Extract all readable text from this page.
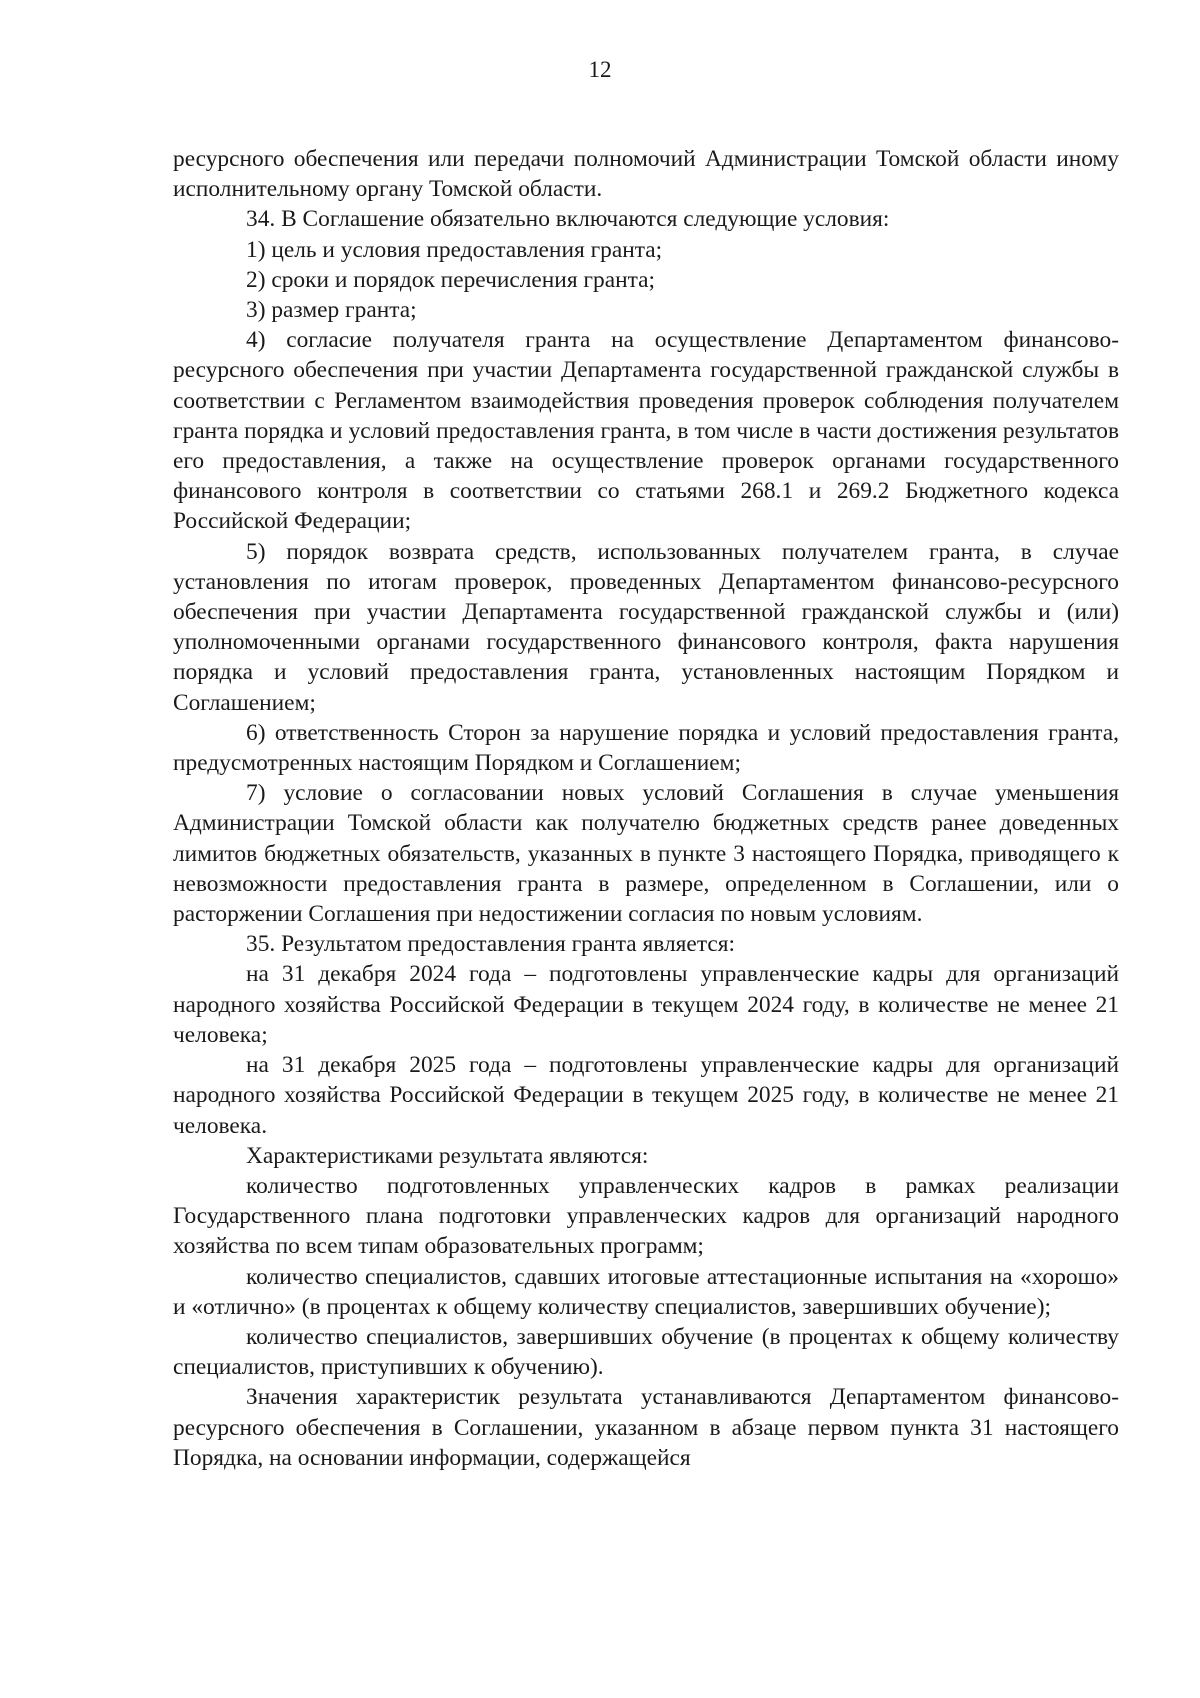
12

ресурсного обеспечения или передачи полномочий Администрации Томской области иному исполнительному органу Томской области.

34. В Соглашение обязательно включаются следующие условия:

1) цель и условия предоставления гранта;

2) сроки и порядок перечисления гранта;

3) размер гранта;

4) согласие получателя гранта на осуществление Департаментом финансово-ресурсного обеспечения при участии Департамента государственной гражданской службы в соответствии с Регламентом взаимодействия проведения проверок соблюдения получателем гранта порядка и условий предоставления гранта, в том числе в части достижения результатов его предоставления, а также на осуществление проверок органами государственного финансового контроля в соответствии со статьями 268.1 и 269.2 Бюджетного кодекса Российской Федерации;

5) порядок возврата средств, использованных получателем гранта, в случае установления по итогам проверок, проведенных Департаментом финансово-ресурсного обеспечения при участии Департамента государственной гражданской службы и (или) уполномоченными органами государственного финансового контроля, факта нарушения порядка и условий предоставления гранта, установленных настоящим Порядком и Соглашением;

6) ответственность Сторон за нарушение порядка и условий предоставления гранта, предусмотренных настоящим Порядком и Соглашением;

7) условие о согласовании новых условий Соглашения в случае уменьшения Администрации Томской области как получателю бюджетных средств ранее доведенных лимитов бюджетных обязательств, указанных в пункте 3 настоящего Порядка, приводящего к невозможности предоставления гранта в размере, определенном в Соглашении, или о расторжении Соглашения при недостижении согласия по новым условиям.

35. Результатом предоставления гранта является:

на 31 декабря 2024 года – подготовлены управленческие кадры для организаций народного хозяйства Российской Федерации в текущем 2024 году, в количестве не менее 21 человека;

на 31 декабря 2025 года – подготовлены управленческие кадры для организаций народного хозяйства Российской Федерации в текущем 2025 году, в количестве не менее 21 человека.

Характеристиками результата являются:

количество подготовленных управленческих кадров в рамках реализации Государственного плана подготовки управленческих кадров для организаций народного хозяйства по всем типам образовательных программ;

количество специалистов, сдавших итоговые аттестационные испытания на «хорошо» и «отлично» (в процентах к общему количеству специалистов, завершивших обучение);

количество специалистов, завершивших обучение (в процентах к общему количеству специалистов, приступивших к обучению).

Значения характеристик результата устанавливаются Департаментом финансово-ресурсного обеспечения в Соглашении, указанном в абзаце первом пункта 31 настоящего Порядка, на основании информации, содержащейся
